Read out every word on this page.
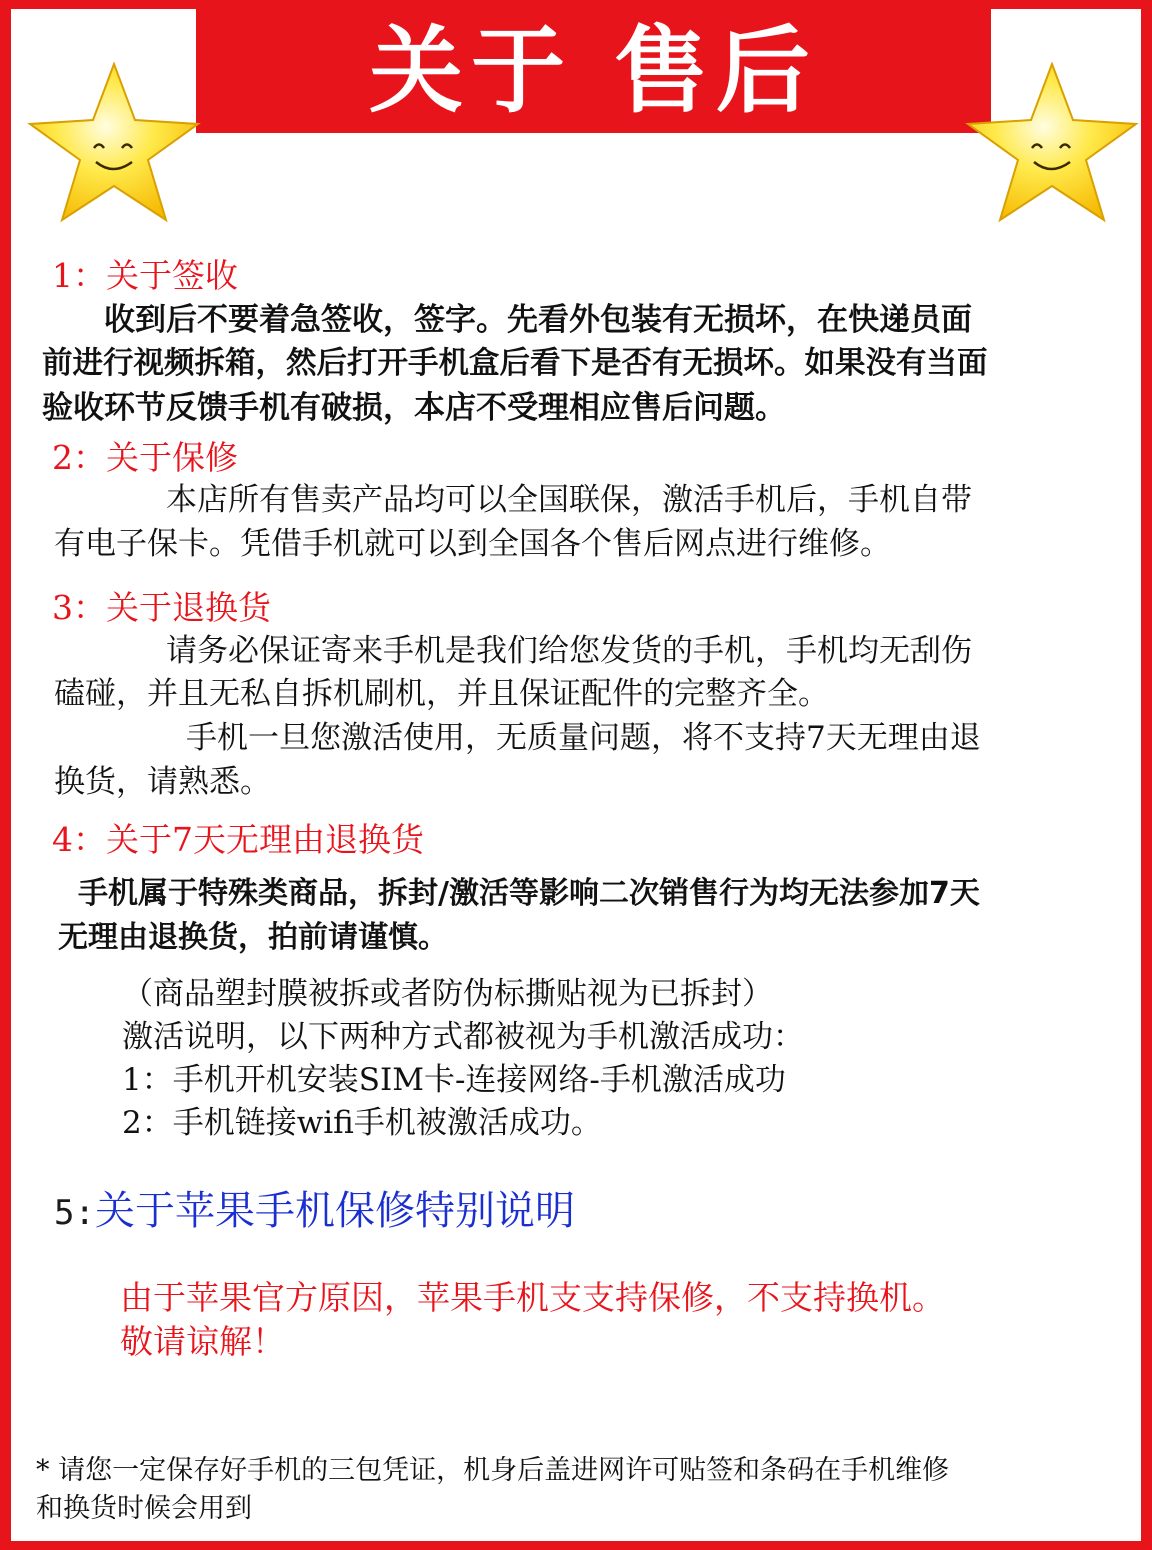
关于 售后

1：关于签收

收到后不要着急签收，签字。先看外包装有无损坏，在快递员面

前进行视频拆箱，然后打开手机盒后看下是否有无损坏。如果没有当面

验收环节反馈手机有破损，本店不受理相应售后问题。

2：关于保修

本店所有售卖产品均可以全国联保，激活手机后，手机自带

有电子保卡。凭借手机就可以到全国各个售后网点进行维修。

3：关于退换货

请务必保证寄来手机是我们给您发货的手机，手机均无刮伤

磕碰，并且无私自拆机刷机，并且保证配件的完整齐全。

手机一旦您激活使用，无质量问题，将不支持7天无理由退

换货，请熟悉。

4：关于7天无理由退换货

手机属于特殊类商品，拆封/激活等影响二次销售行为均无法参加7天

无理由退换货，拍前请谨慎。

（商品塑封膜被拆或者防伪标撕贴视为已拆封）

激活说明，以下两种方式都被视为手机激活成功：

1：手机开机安装SIM卡-连接网络-手机激活成功

2：手机链接wifi手机被激活成功。

5:关于苹果手机保修特别说明

由于苹果官方原因，苹果手机支支持保修，不支持换机。

敬请谅解！

* 请您一定保存好手机的三包凭证，机身后盖进网许可贴签和条码在手机维修

和换货时候会用到
